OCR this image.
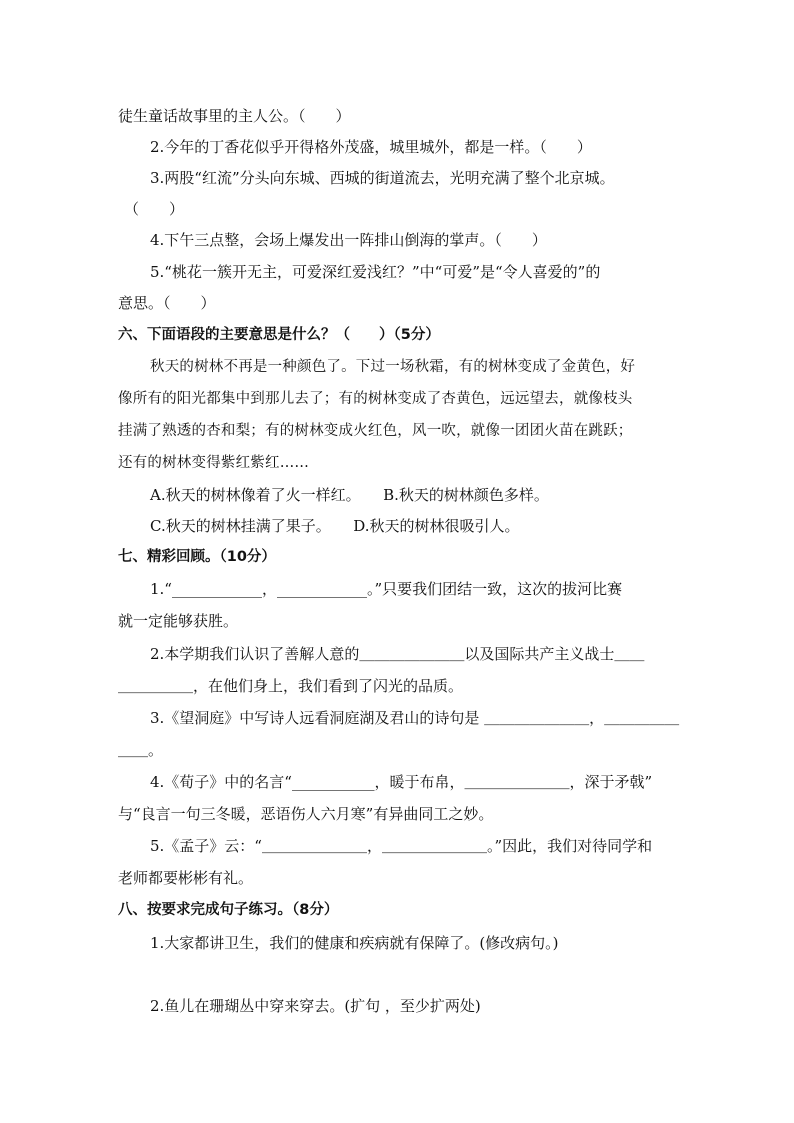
徒生童话故事里的主人公。（　　）
2.今年的丁香花似乎开得格外茂盛，城里城外，都是一样。（　　）
3.两股“红流”分头向东城、西城的街道流去，光明充满了整个北京城。
（　　）
4.下午三点整，会场上爆发出一阵排山倒海的掌声。（　　）
5.“桃花一簇开无主，可爱深红爱浅红？”中“可爱”是“令人喜爱的”的
意思。（　　）
六、下面语段的主要意思是什么？（　　）（5分）
秋天的树林不再是一种颜色了。下过一场秋霜，有的树林变成了金黄色，好
像所有的阳光都集中到那儿去了；有的树林变成了杏黄色，远远望去，就像枝头
挂满了熟透的杏和梨；有的树林变成火红色，风一吹，就像一团团火苗在跳跃；
还有的树林变得紫红紫红……
A.秋天的树林像着了火一样红。　　B.秋天的树林颜色多样。
C.秋天的树林挂满了果子。　　D.秋天的树林很吸引人。
七、精彩回顾。（10分）
1.“____________，____________。”只要我们团结一致，这次的拔河比赛
就一定能够获胜。
2.本学期我们认识了善解人意的＿＿＿＿＿＿＿以及国际共产主义战士＿＿
＿＿＿＿＿，在他们身上，我们看到了闪光的品质。
3.《望洞庭》中写诗人远看洞庭湖及君山的诗句是 ＿＿＿＿＿＿＿，＿＿＿＿＿
＿＿。
4.《荀子》中的名言“___________，暖于布帛，＿＿＿＿＿＿＿，深于矛戟”
与“良言一句三冬暖，恶语伤人六月寒”有异曲同工之妙。
5.《孟子》云：“＿＿＿＿＿＿＿，＿＿＿＿＿＿＿。”因此，我们对待同学和
老师都要彬彬有礼。
八、按要求完成句子练习。（8分）
1.大家都讲卫生，我们的健康和疾病就有保障了。(修改病句。)
2.鱼儿在珊瑚丛中穿来穿去。(扩句 ，至少扩两处)
